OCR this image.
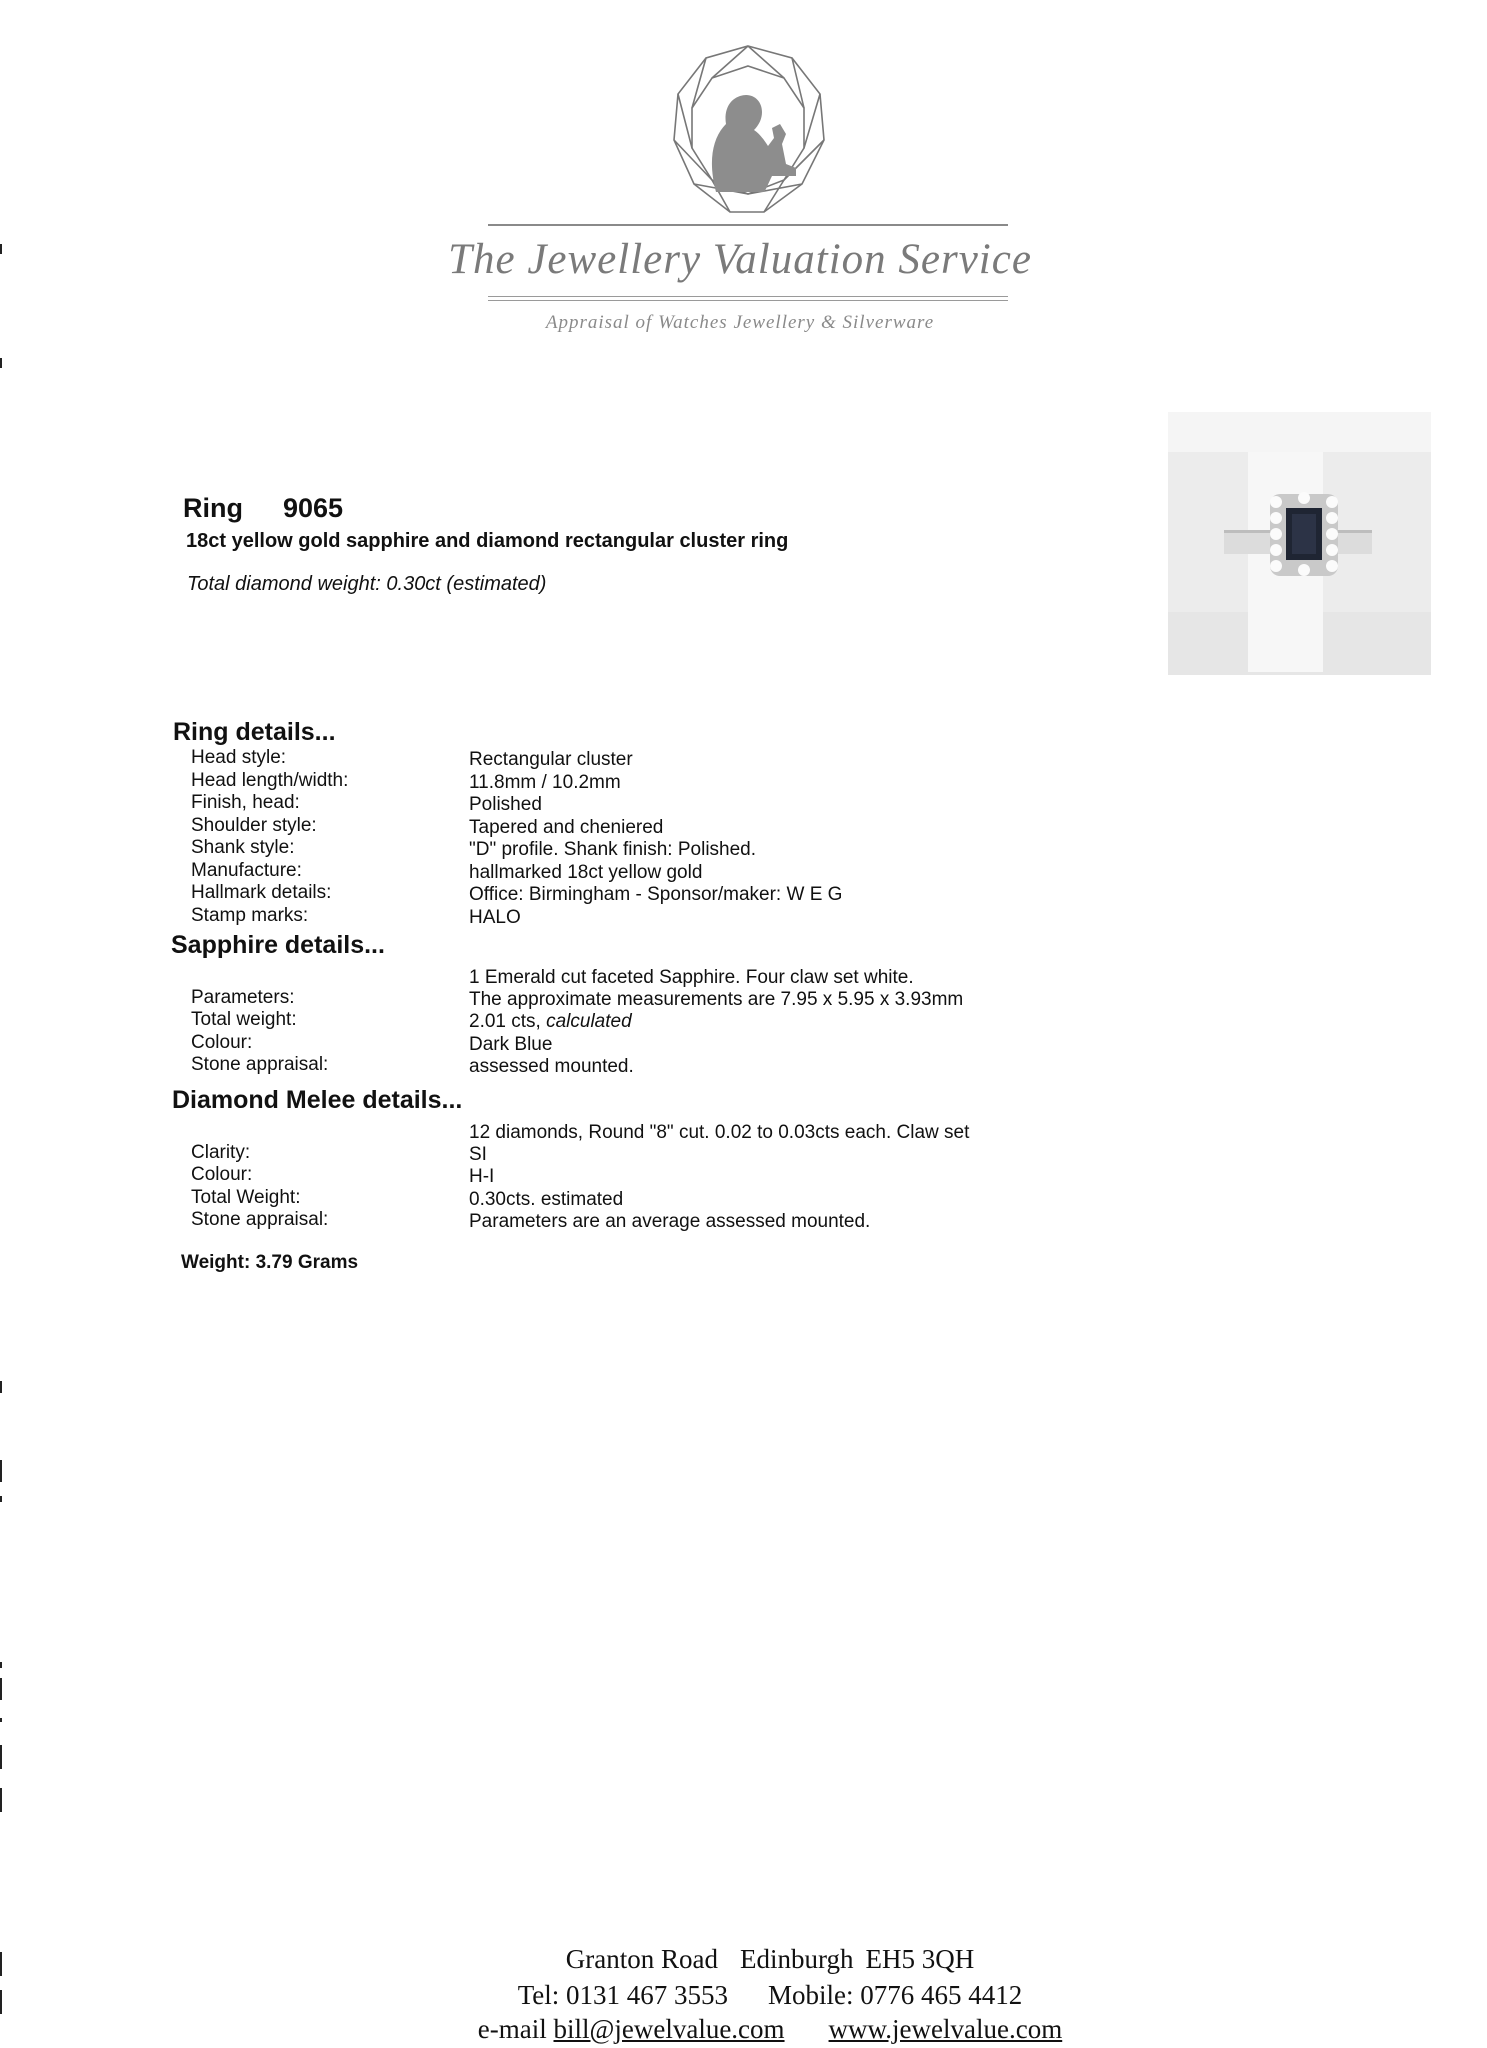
The Jewellery Valuation Service
Appraisal of Watches Jewellery & Silverware
Ring 9065
18ct yellow gold sapphire and diamond rectangular cluster ring
Total diamond weight: 0.30ct (estimated)
Ring details...
Head style:	Rectangular cluster
Head length/width:	11.8mm / 10.2mm
Finish, head:	Polished
Shoulder style:	Tapered and cheniered
Shank style:	"D" profile. Shank finish: Polished.
Manufacture:	hallmarked 18ct yellow gold
Hallmark details:	Office: Birmingham - Sponsor/maker: W E G
Stamp marks:	HALO
Sapphire details...
1 Emerald cut faceted Sapphire. Four claw set white.
Parameters:	The approximate measurements are 7.95 x 5.95 x 3.93mm
Total weight:	2.01 cts, calculated
Colour:	Dark Blue
Stone appraisal:	assessed mounted.
Diamond Melee details...
12 diamonds, Round "8" cut. 0.02 to 0.03cts each. Claw set
Clarity:	SI
Colour:	H-I
Total Weight:	0.30cts. estimated
Stone appraisal:	Parameters are an average assessed mounted.
Weight: 3.79 Grams
Granton Road Edinburgh EH5 3QH
Tel: 0131 467 3553 Mobile: 0776 465 4412
e-mail bill@jewelvalue.com www.jewelvalue.com
